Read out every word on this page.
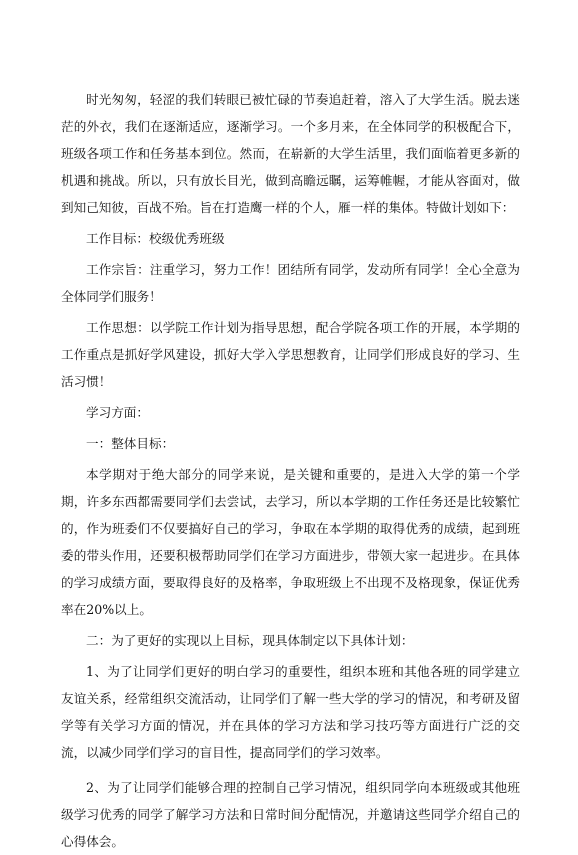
时光匆匆，轻涩的我们转眼已被忙碌的节奏追赶着，溶入了大学生活。脱去迷茫的外衣，我们在逐渐适应，逐渐学习。一个多月来，在全体同学的积极配合下，班级各项工作和任务基本到位。然而，在崭新的大学生活里，我们面临着更多新的机遇和挑战。所以，只有放长目光，做到高瞻远瞩，运筹帷幄，才能从容面对，做到知己知彼，百战不殆。旨在打造鹰一样的个人，雁一样的集体。特做计划如下：

工作目标：校级优秀班级

工作宗旨：注重学习，努力工作！团结所有同学，发动所有同学！全心全意为全体同学们服务！

工作思想：以学院工作计划为指导思想，配合学院各项工作的开展，本学期的工作重点是抓好学风建设，抓好大学入学思想教育，让同学们形成良好的学习、生活习惯！

学习方面：

一：整体目标：

本学期对于绝大部分的同学来说，是关键和重要的，是进入大学的第一个学期，许多东西都需要同学们去尝试，去学习，所以本学期的工作任务还是比较繁忙的，作为班委们不仅要搞好自己的学习，争取在本学期的取得优秀的成绩，起到班委的带头作用，还要积极帮助同学们在学习方面进步，带领大家一起进步。在具体的学习成绩方面，要取得良好的及格率，争取班级上不出现不及格现象，保证优秀率在20%以上。

二：为了更好的实现以上目标，现具体制定以下具体计划：

1、为了让同学们更好的明白学习的重要性，组织本班和其他各班的同学建立友谊关系，经常组织交流活动，让同学们了解一些大学的学习的情况，和考研及留学等有关学习方面的情况，并在具体的学习方法和学习技巧等方面进行广泛的交流，以减少同学们学习的盲目性，提高同学们的学习效率。

2、为了让同学们能够合理的控制自己学习情况，组织同学向本班级或其他班级学习优秀的同学了解学习方法和日常时间分配情况，并邀请这些同学介绍自己的心得体会。
